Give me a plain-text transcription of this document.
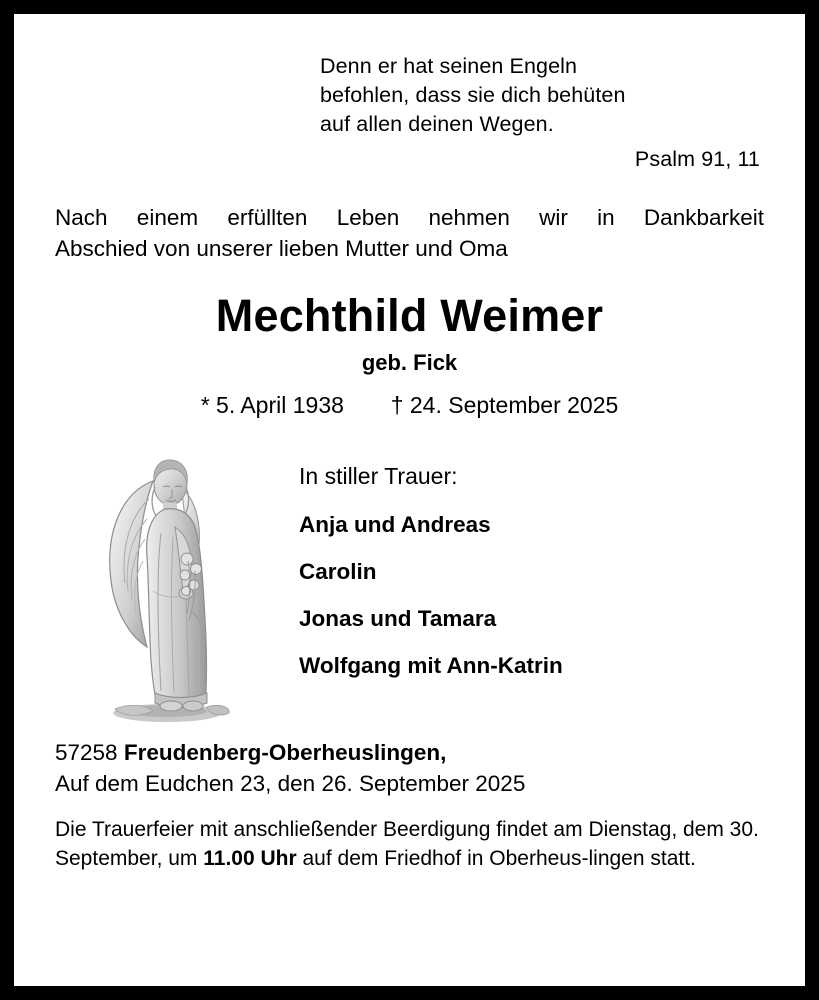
Denn er hat seinen Engeln
befohlen, dass sie dich behüten
auf allen deinen Wegen.
Psalm 91, 11
Nach einem erfüllten Leben nehmen wir in Dankbarkeit
Abschied von unserer lieben Mutter und Oma
Mechthild Weimer
geb. Fick
* 5. April 1938 † 24. September 2025
In stiller Trauer:
Anja und Andreas
Carolin
Jonas und Tamara
Wolfgang mit Ann-Katrin
57258 Freudenberg-Oberheuslingen,
Auf dem Eudchen 23, den 26. September 2025
Die Trauerfeier mit anschließender Beerdigung findet am Dienstag, dem 30. September, um 11.00 Uhr auf dem Friedhof in Oberheus-lingen statt.
